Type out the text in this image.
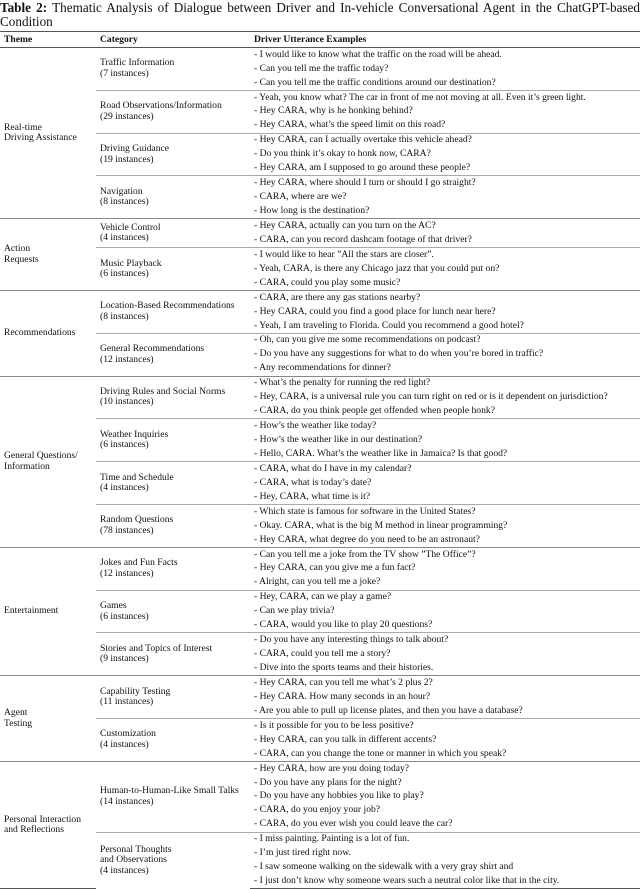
Table 2: Thematic Analysis of Dialogue between Driver and In-vehicle Conversational Agent in the ChatGPT-based Condition
Theme	Category	Driver Utterance Examples

Real-time
Driving Assistance	Traffic Information
(7 instances)	- I would like to know what the traffic on the road will be ahead.
		- Can you tell me the traffic today?
		- Can you tell me the traffic conditions around our destination?

	Road Observations/Information
(29 instances)	- Yeah, you know what? The car in front of me not moving at all. Even it’s green light.
		- Hey CARA, why is he honking behind?
		- Hey CARA, what’s the speed limit on this road?

	Driving Guidance
(19 instances)	- Hey CARA, can I actually overtake this vehicle ahead?
		- Do you think it’s okay to honk now, CARA?
		- Hey CARA, am I supposed to go around these people?

	Navigation
(8 instances)	- Hey CARA, where should I turn or should I go straight?
		- CARA, where are we?
		- How long is the destination?

Action
Requests	Vehicle Control
(4 instances)	- Hey CARA, actually can you turn on the AC?
		- CARA, can you record dashcam footage of that driver?

	Music Playback
(6 instances)	- I would like to hear ”All the stars are closer”.
		- Yeah, CARA, is there any Chicago jazz that you could put on?
		- CARA, could you play some music?

Recommendations	Location-Based Recommendations
(8 instances)	- CARA, are there any gas stations nearby?
		- Hey CARA, could you find a good place for lunch near here?
		- Yeah, I am traveling to Florida. Could you recommend a good hotel?

	General Recommendations
(12 instances)	- Oh, can you give me some recommendations on podcast?
		- Do you have any suggestions for what to do when you’re bored in traffic?
		- Any recommendations for dinner?

General Questions/
Information	Driving Rules and Social Norms
(10 instances)	- What’s the penalty for running the red light?
		- Hey, CARA, is a universal rule you can turn right on red or is it dependent on jurisdiction?
		- CARA, do you think people get offended when people honk?

	Weather Inquiries
(6 instances)	- How’s the weather like today?
		- How’s the weather like in our destination?
		- Hello, CARA. What’s the weather like in Jamaica? Is that good?

	Time and Schedule
(4 instances)	- CARA, what do I have in my calendar?
		- CARA, what is today’s date?
		- Hey, CARA, what time is it?

	Random Questions
(78 instances)	- Which state is famous for software in the United States?
		- Okay. CARA, what is the big M method in linear programming?
		- Hey CARA, what degree do you need to be an astronaut?

Entertainment	Jokes and Fun Facts
(12 instances)	- Can you tell me a joke from the TV show ”The Office”?
		- Hey CARA, can you give me a fun fact?
		- Alright, can you tell me a joke?

	Games
(6 instances)	- Hey, CARA, can we play a game?
		- Can we play trivia?
		- CARA, would you like to play 20 questions?

	Stories and Topics of Interest
(9 instances)	- Do you have any interesting things to talk about?
		- CARA, could you tell me a story?
		- Dive into the sports teams and their histories.

Agent
Testing	Capability Testing
(11 instances)	- Hey CARA, can you tell me what’s 2 plus 2?
		- Hey CARA. How many seconds in an hour?
		- Are you able to pull up license plates, and then you have a database?

	Customization
(4 instances)	- Is it possible for you to be less positive?
		- Hey CARA, can you talk in different accents?
		- CARA, can you change the tone or manner in which you speak?

Personal Interaction
and Reflections	Human-to-Human-Like Small Talks
(14 instances)	- Hey CARA, how are you doing today?
		- Do you have any plans for the night?
		- Do you have any hobbies you like to play?
		- CARA, do you enjoy your job?
		- CARA, do you ever wish you could leave the car?

	Personal Thoughts
and Observations
(4 instances)	- I miss painting. Painting is a lot of fun.
		- I’m just tired right now.
		- I saw someone walking on the sidewalk with a very gray shirt and
		- I just don’t know why someone wears such a neutral color like that in the city.
